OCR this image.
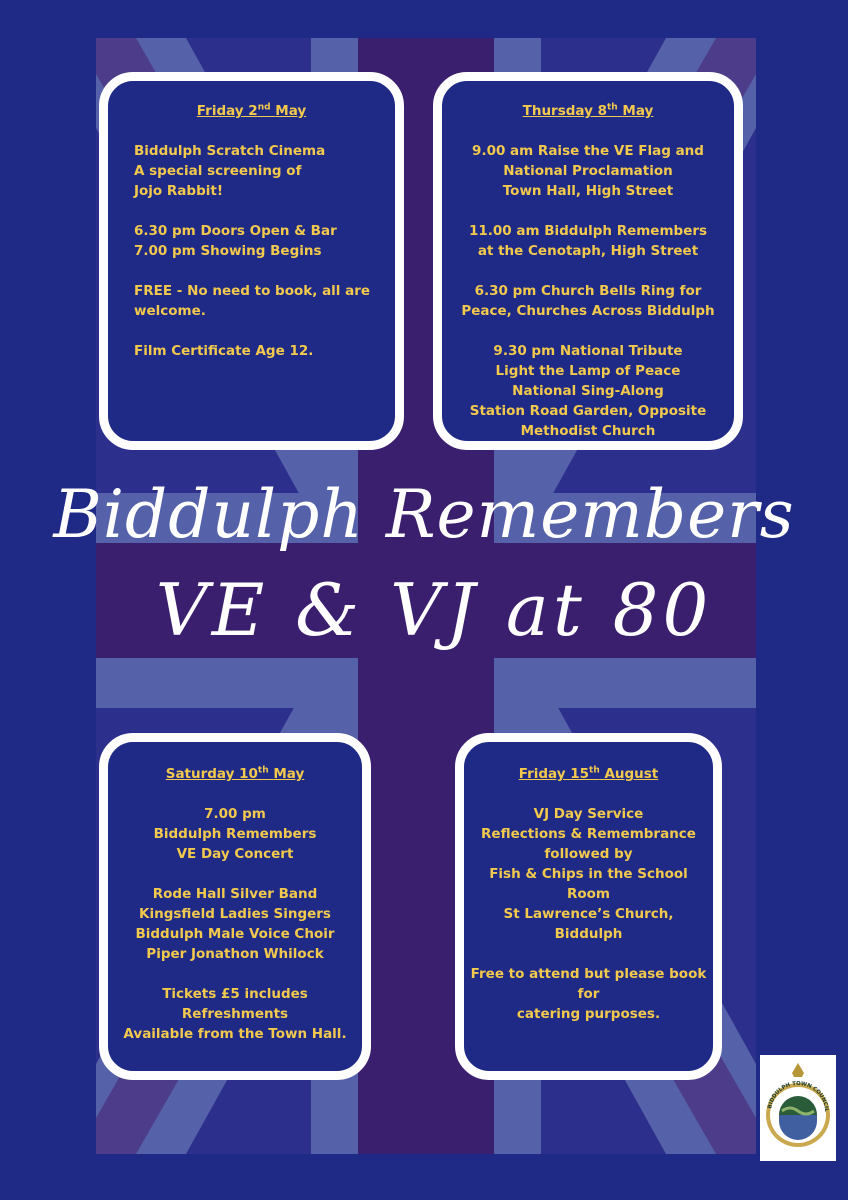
Friday 2nd May
Biddulph Scratch Cinema
A special screening of
Jojo Rabbit!
6.30 pm Doors Open & Bar
7.00 pm Showing Begins
FREE - No need to book, all are
welcome.
Film Certificate Age 12.
Thursday 8th May
9.00 am Raise the VE Flag and
National Proclamation
Town Hall, High Street
11.00 am Biddulph Remembers
at the Cenotaph, High Street
6.30 pm Church Bells Ring for
Peace, Churches Across Biddulph
9.30 pm National Tribute
Light the Lamp of Peace
National Sing-Along
Station Road Garden, Opposite
Methodist Church
Biddulph Remembers
VE & VJ at 80
Saturday 10th May
7.00 pm
Biddulph Remembers
VE Day Concert
Rode Hall Silver Band
Kingsfield Ladies Singers
Biddulph Male Voice Choir
Piper Jonathon Whilock
Tickets £5 includes Refreshments
Available from the Town Hall.
Friday 15th August
VJ Day Service
Reflections & Remembrance
followed by
Fish & Chips in the School Room
St Lawrence’s Church, Biddulph
Free to attend but please book for
catering purposes.
BIDDULPH TOWN COUNCIL
